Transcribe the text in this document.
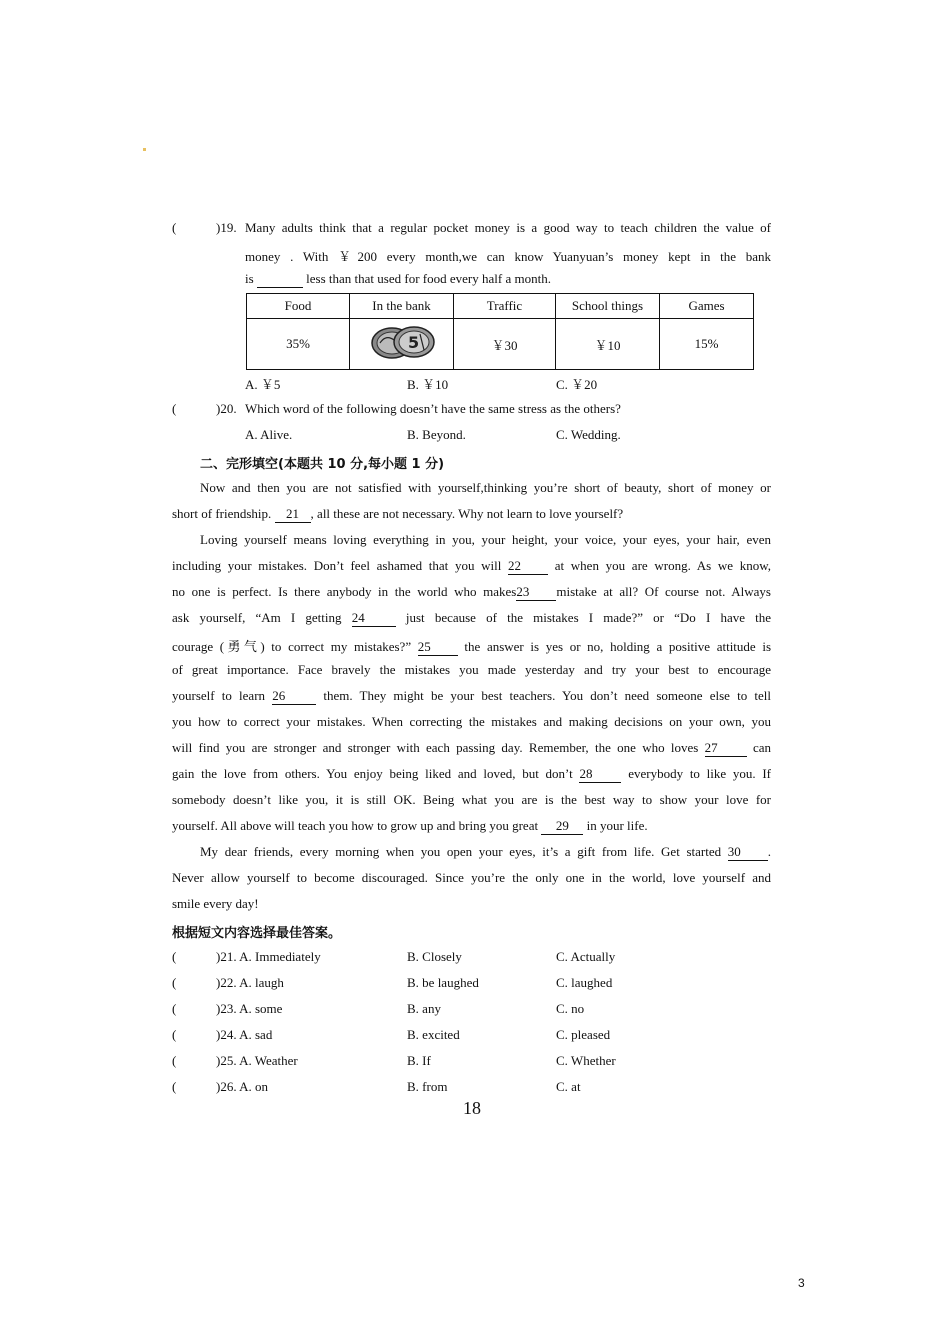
(	)19. Many adults think that a regular pocket money is a good way to teach children the value of
money . With ￥200 every month,we can know Yuanyuan’s money kept in the bank
is	less than that used for food every half a month.
Food	In the bank	Traffic	School things	Games
35%	5	￥30	￥10	15%
A. ￥5	B. ￥10	C. ￥20
(	)20. Which word of the following doesn’t have the same stress as the others?
A. Alive.	B. Beyond.	C. Wedding.
二、完形填空(本题共 10 分,每小题 1 分)
Now and then you are not satisfied with yourself,thinking you’re short of beauty, short of money or
short of friendship. 21 , all these are not necessary. Why not learn to love yourself?
Loving yourself means loving everything in you, your height, your voice, your eyes, your hair, even
including your mistakes. Don’t feel ashamed that you will 22	at when you are wrong. As we know,
no one is perfect. Is there anybody in the world who makes23 mistake at all? Of course not. Always
ask yourself, “Am I getting 24	just because of the mistakes I made?” or “Do I have the
courage (勇气) to correct my mistakes?” 25	the answer is yes or no, holding a positive attitude is
of great importance. Face bravely the mistakes you made yesterday and try your best to encourage
yourself to learn 26	them. They might be your best teachers. You don’t need someone else to tell
you how to correct your mistakes. When correcting the mistakes and making decisions on your own, you
will find you are stronger and stronger with each passing day. Remember, the one who loves 27	can
gain the love from others. You enjoy being liked and loved, but don’t 28	everybody to like you. If
somebody doesn’t like you, it is still OK. Being what you are is the best way to show your love for
yourself. All above will teach you how to grow up and bring you great 29 in your life.
My dear friends, every morning when you open your eyes, it’s a gift from life. Get started 30 .
Never allow yourself to become discouraged. Since you’re the only one in the world, love yourself and
smile every day!
根据短文内容选择最佳答案。
(	)21. A. Immediately	B. Closely	C. Actually
(	)22. A. laugh	B. be laughed	C. laughed
(	)23. A. some	B. any	C. no
(	)24. A. sad	B. excited	C. pleased
(	)25. A. Weather	B. If	C. Whether
(	)26. A. on	B. from	C. at
18
3
